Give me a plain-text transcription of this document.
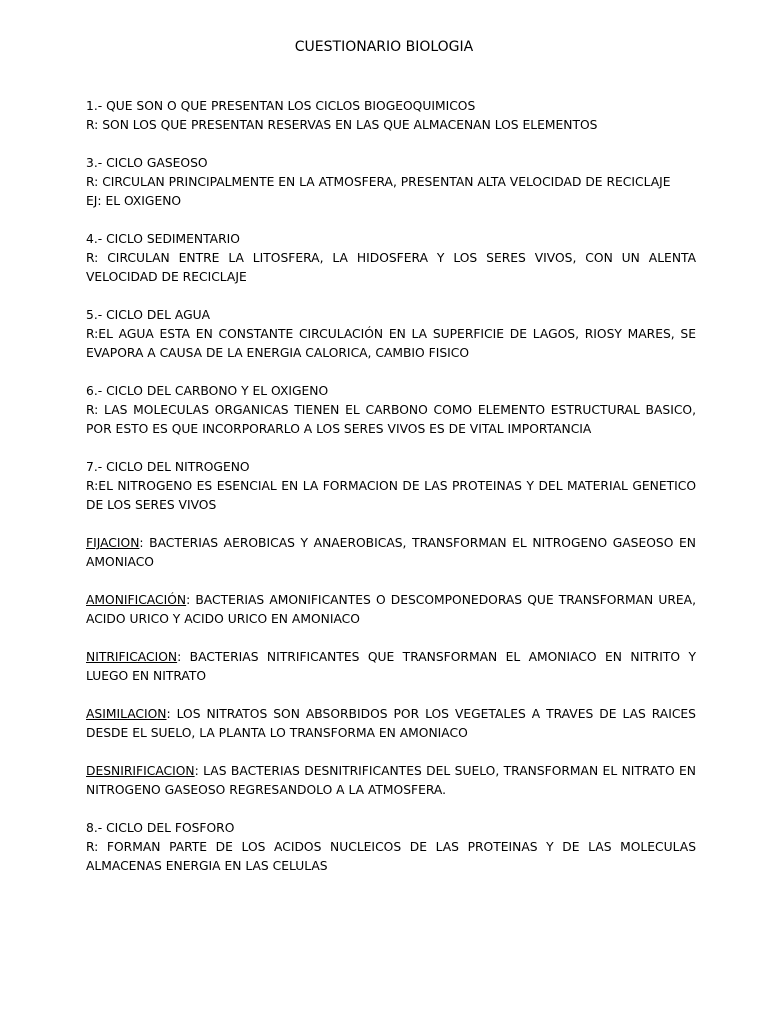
CUESTIONARIO BIOLOGIA

1.- QUE SON O QUE PRESENTAN LOS CICLOS BIOGEOQUIMICOS

R: SON LOS QUE PRESENTAN RESERVAS EN LAS QUE ALMACENAN LOS ELEMENTOS

3.- CICLO GASEOSO

R: CIRCULAN PRINCIPALMENTE EN LA ATMOSFERA, PRESENTAN ALTA VELOCIDAD DE RECICLAJE

EJ: EL OXIGENO

4.- CICLO SEDIMENTARIO

R: CIRCULAN ENTRE LA LITOSFERA, LA HIDOSFERA Y LOS SERES VIVOS, CON UN ALENTA VELOCIDAD DE RECICLAJE

5.- CICLO DEL AGUA

R:EL AGUA ESTA EN CONSTANTE CIRCULACIÓN EN LA SUPERFICIE DE LAGOS, RIOSY MARES, SE EVAPORA A CAUSA DE LA ENERGIA CALORICA, CAMBIO FISICO

6.- CICLO DEL CARBONO Y EL OXIGENO

R: LAS MOLECULAS ORGANICAS TIENEN EL CARBONO COMO ELEMENTO ESTRUCTURAL BASICO, POR ESTO ES QUE INCORPORARLO A LOS SERES VIVOS ES DE VITAL IMPORTANCIA

7.- CICLO DEL NITROGENO

R:EL NITROGENO ES ESENCIAL EN LA FORMACION DE LAS PROTEINAS Y DEL MATERIAL GENETICO DE LOS SERES VIVOS

FIJACION: BACTERIAS AEROBICAS Y ANAEROBICAS, TRANSFORMAN EL NITROGENO GASEOSO EN AMONIACO

AMONIFICACIÓN: BACTERIAS AMONIFICANTES O DESCOMPONEDORAS QUE TRANSFORMAN UREA, ACIDO URICO Y ACIDO URICO EN AMONIACO

NITRIFICACION: BACTERIAS NITRIFICANTES QUE TRANSFORMAN EL AMONIACO EN NITRITO Y LUEGO EN NITRATO

ASIMILACION: LOS NITRATOS SON ABSORBIDOS POR LOS VEGETALES A TRAVES DE LAS RAICES DESDE EL SUELO, LA PLANTA LO TRANSFORMA EN AMONIACO

DESNIRIFICACION: LAS BACTERIAS DESNITRIFICANTES DEL SUELO, TRANSFORMAN EL NITRATO EN NITROGENO GASEOSO REGRESANDOLO A LA ATMOSFERA.

8.- CICLO DEL FOSFORO

R: FORMAN PARTE DE LOS ACIDOS NUCLEICOS DE LAS PROTEINAS Y DE LAS MOLECULAS ALMACENAS ENERGIA EN LAS CELULAS
